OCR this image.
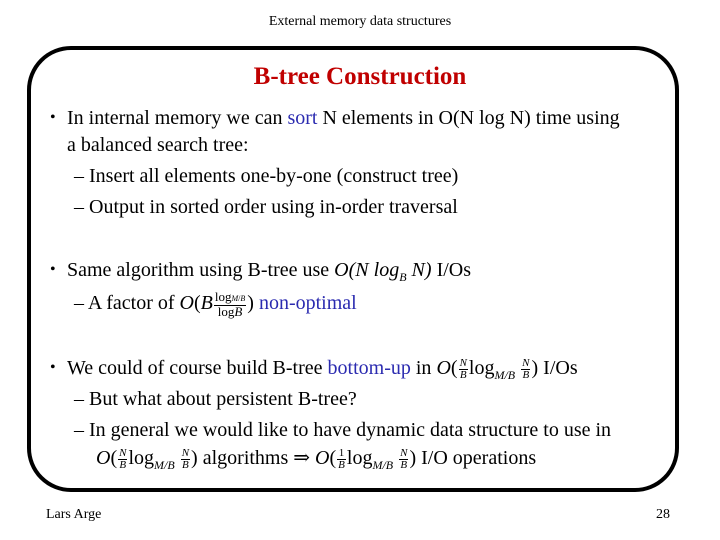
External memory data structures
B-tree Construction
• In internal memory we can sort N elements in O(N log N) time using
a balanced search tree:
– Insert all elements one-by-one (construct tree)
– Output in sorted order using in-order traversal
• Same algorithm using B-tree use O(N $\log_B N$) I/Os
– A factor of $O(B \frac{\log M/B}{\log B}$ ) non-optimal
• We could of course build B-tree bottom-up in $O( \frac{N}{B} \log_{M/B} \frac{N}{B}$ ) I/Os
– But what about persistent B-tree?
– In general we would like to have dynamic data structure to use in
$O( \frac{N}{B} \log_{M/B} \frac{N}{B}$ ) algorithms ⇒ $O( \frac{1}{B} \log_{M/B} \frac{N}{B}$ ) I/O operations
Lars Arge	28
